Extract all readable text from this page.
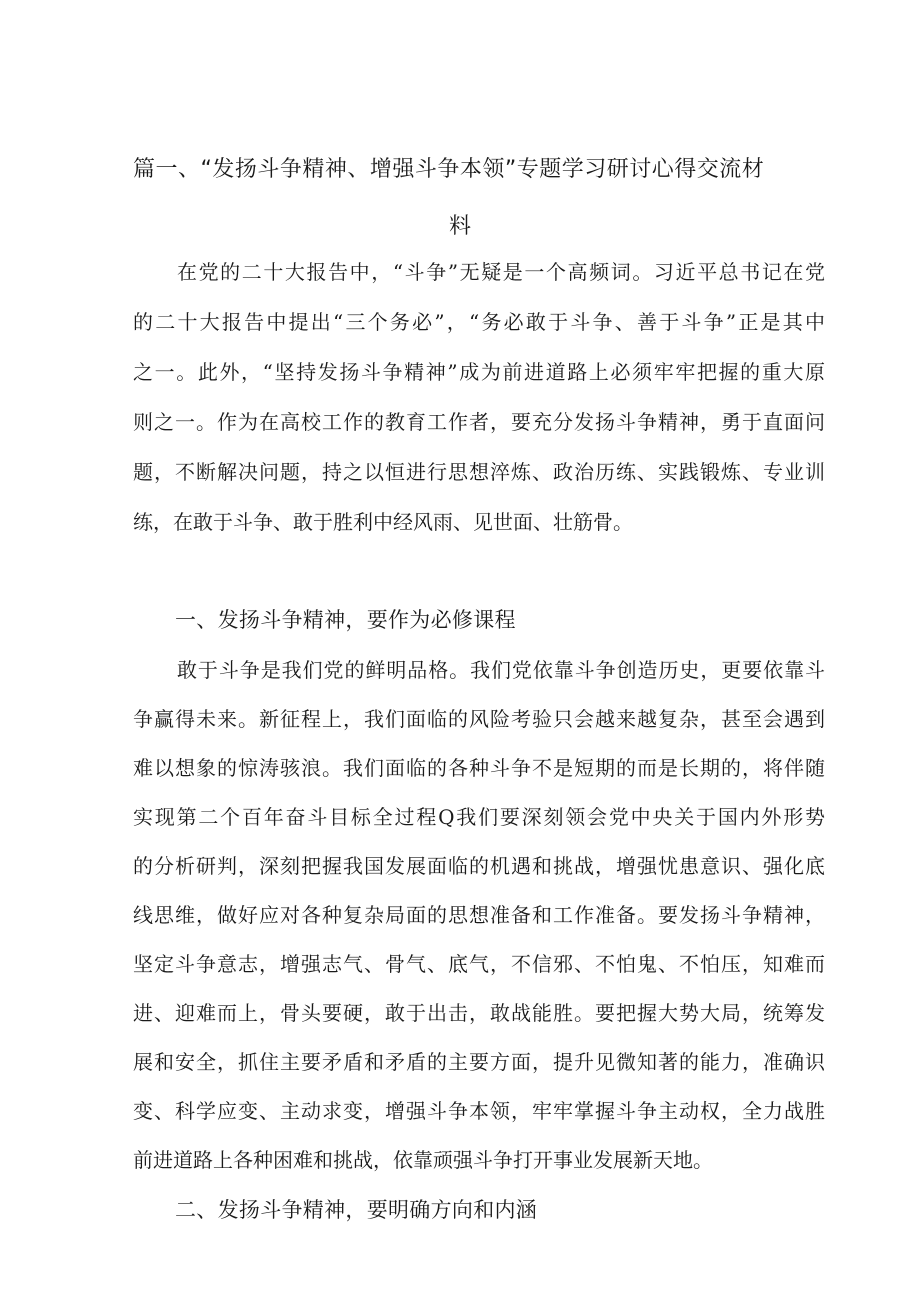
篇一、“发扬斗争精神、增强斗争本领”专题学习研讨心得交流材
料
在党的二十大报告中，“斗争”无疑是一个高频词。习近平总书记在党
的二十大报告中提出“三个务必”，“务必敢于斗争、善于斗争”正是其中
之一。此外，“坚持发扬斗争精神”成为前进道路上必须牢牢把握的重大原
则之一。作为在高校工作的教育工作者，要充分发扬斗争精神，勇于直面问
题，不断解决问题，持之以恒进行思想淬炼、政治历练、实践锻炼、专业训
练，在敢于斗争、敢于胜利中经风雨、见世面、壮筋骨。
一、发扬斗争精神，要作为必修课程
敢于斗争是我们党的鲜明品格。我们党依靠斗争创造历史，更要依靠斗
争赢得未来。新征程上，我们面临的风险考验只会越来越复杂，甚至会遇到
难以想象的惊涛骇浪。我们面临的各种斗争不是短期的而是长期的，将伴随
实现第二个百年奋斗目标全过程Q我们要深刻领会党中央关于国内外形势
的分析研判，深刻把握我国发展面临的机遇和挑战，增强忧患意识、强化底
线思维，做好应对各种复杂局面的思想准备和工作准备。要发扬斗争精神，
坚定斗争意志，增强志气、骨气、底气，不信邪、不怕鬼、不怕压，知难而
进、迎难而上，骨头要硬，敢于出击，敢战能胜。要把握大势大局，统筹发
展和安全，抓住主要矛盾和矛盾的主要方面，提升见微知著的能力，准确识
变、科学应变、主动求变，增强斗争本领，牢牢掌握斗争主动权，全力战胜
前进道路上各种困难和挑战，依靠顽强斗争打开事业发展新天地。
二、发扬斗争精神，要明确方向和内涵
